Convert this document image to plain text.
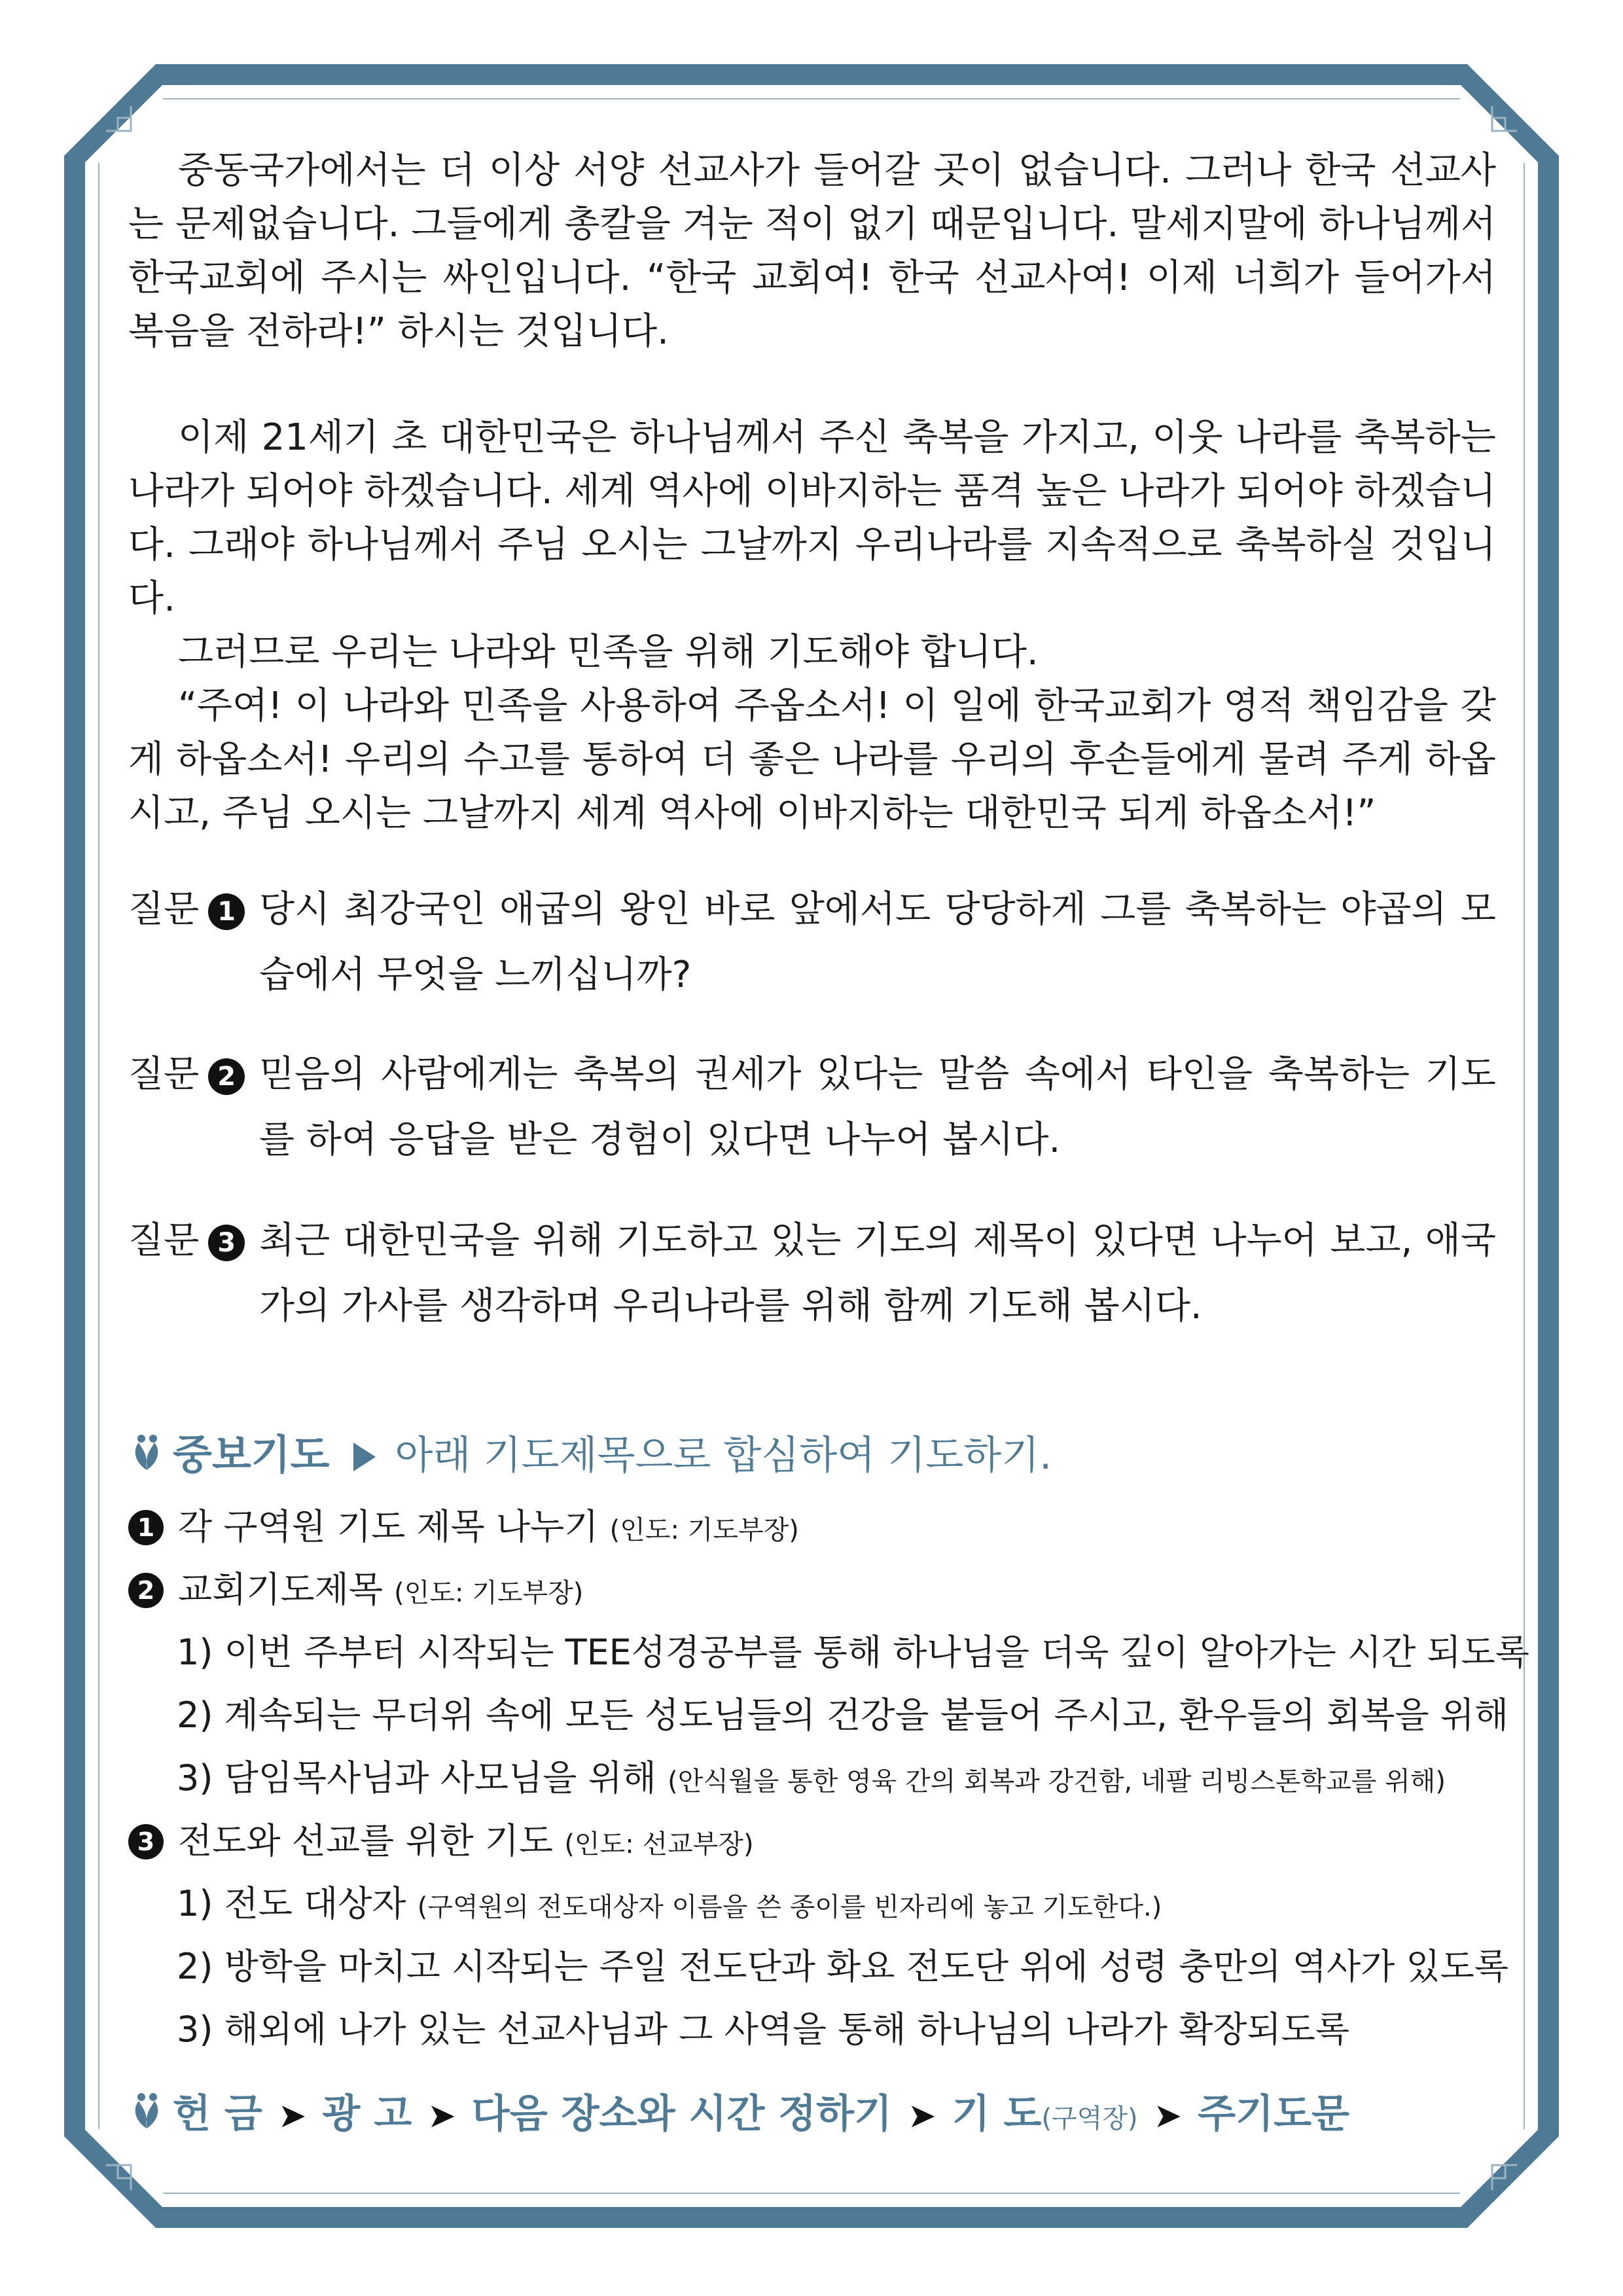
3	3

중동국가에서는 더 이상 서양 선교사가 들어갈 곳이 없습니다. 그러나 한국 선교사는 문제없습니다. 그들에게 총칼을 겨눈 적이 없기 때문입니다. 말세지말에 하나님께서 한국교회에 주시는 싸인입니다. “한국 교회여! 한국 선교사여! 이제 너희가 들어가서 복음을 전하라!” 하시는 것입니다.

이제 21세기 초 대한민국은 하나님께서 주신 축복을 가지고, 이웃 나라를 축복하는 나라가 되어야 하겠습니다. 세계 역사에 이바지하는 품격 높은 나라가 되어야 하겠습니다. 그래야 하나님께서 주님 오시는 그날까지 우리나라를 지속적으로 축복하실 것입니다.

그러므로 우리는 나라와 민족을 위해 기도해야 합니다.

“주여! 이 나라와 민족을 사용하여 주옵소서! 이 일에 한국교회가 영적 책임감을 갖게 하옵소서! 우리의 수고를 통하여 더 좋은 나라를 우리의 후손들에게 물려 주게 하옵시고, 주님 오시는 그날까지 세계 역사에 이바지하는 대한민국 되게 하옵소서!”

질문 1 당시 최강국인 애굽의 왕인 바로 앞에서도 당당하게 그를 축복하는 야곱의 모습에서 무엇을 느끼십니까?
질문 2 믿음의 사람에게는 축복의 권세가 있다는 말씀 속에서 타인을 축복하는 기도를 하여 응답을 받은 경험이 있다면 나누어 봅시다.
질문 3 최근 대한민국을 위해 기도하고 있는 기도의 제목이 있다면 나누어 보고, 애국가의 가사를 생각하며 우리나라를 위해 함께 기도해 봅시다.
중보기도 아래 기도제목으로 합심하여 기도하기.
1 각 구역원 기도 제목 나누기 (인도: 기도부장)
2 교회기도제목 (인도: 기도부장)
1) 이번 주부터 시작되는 TEE성경공부를 통해 하나님을 더욱 깊이 알아가는 시간 되도록
2) 계속되는 무더위 속에 모든 성도님들의 건강을 붙들어 주시고, 환우들의 회복을 위해
3) 담임목사님과 사모님을 위해 (안식월을 통한 영육 간의 회복과 강건함, 네팔 리빙스톤학교를 위해)
3 전도와 선교를 위한 기도 (인도: 선교부장)
1) 전도 대상자 (구역원의 전도대상자 이름을 쓴 종이를 빈자리에 놓고 기도한다.)
2) 방학을 마치고 시작되는 주일 전도단과 화요 전도단 위에 성령 충만의 역사가 있도록
3) 해외에 나가 있는 선교사님과 그 사역을 통해 하나님의 나라가 확장되도록
헌 금 ➤ 광 고 ➤ 다음 장소와 시간 정하기 ➤ 기 도(구역장) ➤ 주기도문
